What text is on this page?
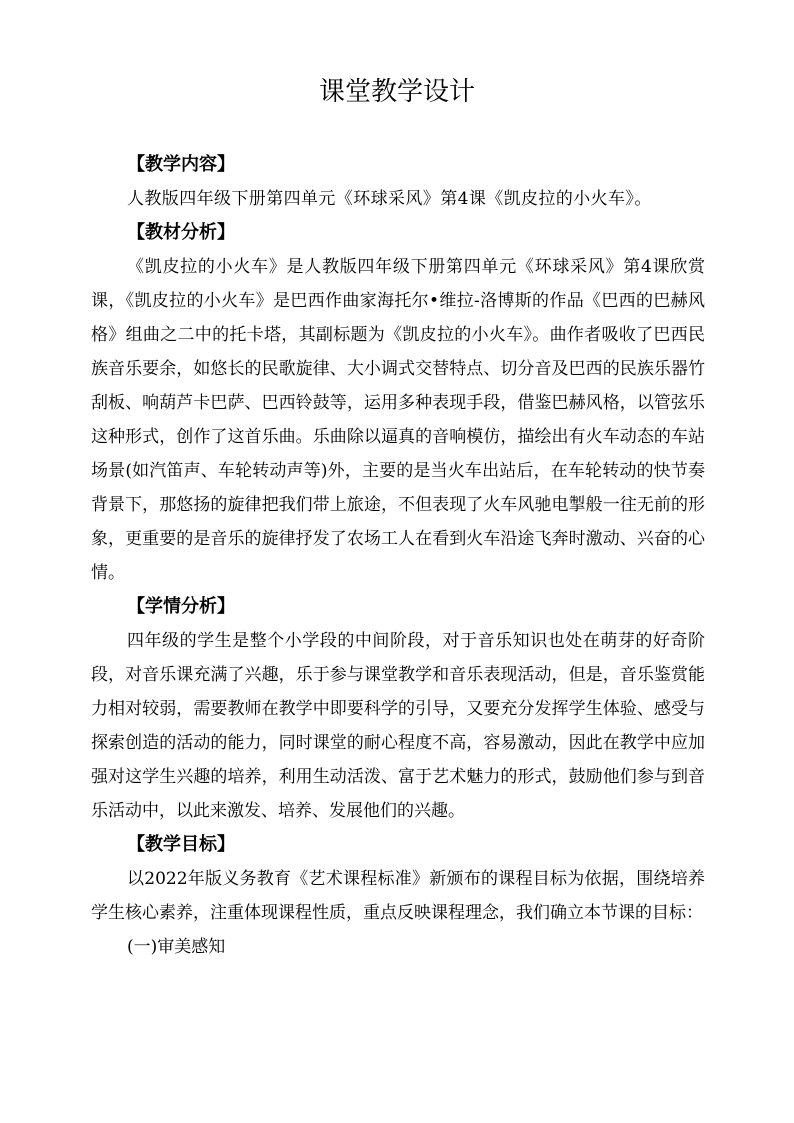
课堂教学设计
【教学内容】

人教版四年级下册第四单元《环球采风》第4课《凯皮拉的小火车》。

【教材分析】

《凯皮拉的小火车》是人教版四年级下册第四单元《环球采风》第4课欣赏课，《凯皮拉的小火车》是巴西作曲家海托尔•维拉-洛博斯的作品《巴西的巴赫风格》组曲之二中的托卡塔，其副标题为《凯皮拉的小火车》。曲作者吸收了巴西民族音乐要余，如悠长的民歌旋律、大小调式交替特点、切分音及巴西的民族乐器竹刮板、响葫芦卡巴萨、巴西铃鼓等，运用多种表现手段，借鉴巴赫风格，以管弦乐这种形式，创作了这首乐曲。乐曲除以逼真的音响模仿，描绘出有火车动态的车站场景(如汽笛声、车轮转动声等)外，主要的是当火车出站后，在车轮转动的快节奏背景下，那悠扬的旋律把我们带上旅途，不但表现了火车风驰电掣般一往无前的形象，更重要的是音乐的旋律抒发了农场工人在看到火车沿途飞奔时激动、兴奋的心情。

【学情分析】

四年级的学生是整个小学段的中间阶段，对于音乐知识也处在萌芽的好奇阶段，对音乐课充满了兴趣，乐于参与课堂教学和音乐表现活动，但是，音乐鉴赏能力相对较弱，需要教师在教学中即要科学的引导，又要充分发挥学生体验、感受与探索创造的活动的能力，同时课堂的耐心程度不高，容易激动，因此在教学中应加强对这学生兴趣的培养，利用生动活泼、富于艺术魅力的形式，鼓励他们参与到音乐活动中，以此来激发、培养、发展他们的兴趣。

【教学目标】

以2022年版义务教育《艺术课程标准》新颁布的课程目标为依据，围绕培养学生核心素养，注重体现课程性质，重点反映课程理念，我们确立本节课的目标：

(一)审美感知
